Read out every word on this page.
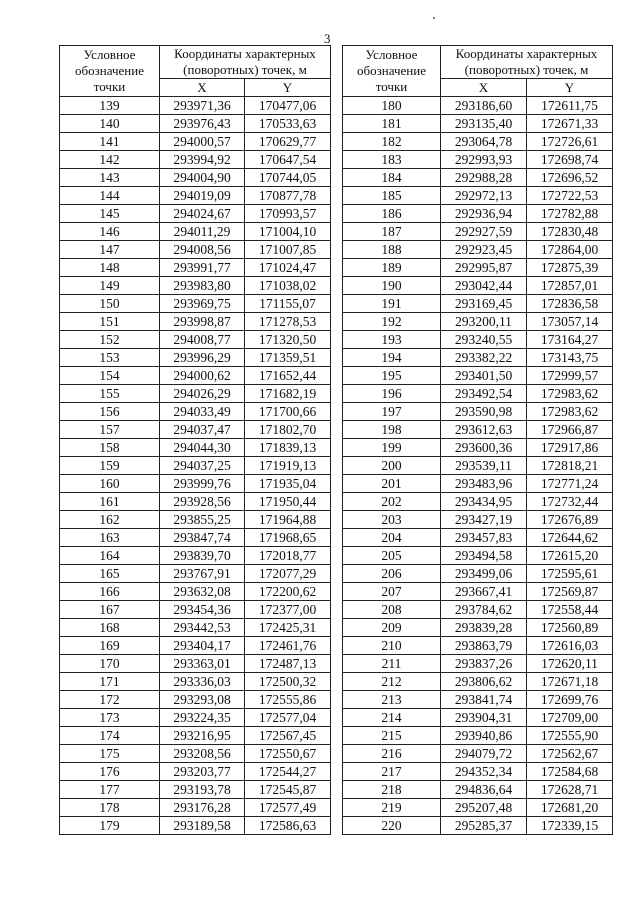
3
Условное обозначение точки	Координаты характерных (поворотных) точек, м	
	X	Y
139	293971,36	170477,06
140	293976,43	170533,63
141	294000,57	170629,77
142	293994,92	170647,54
143	294004,90	170744,05
144	294019,09	170877,78
145	294024,67	170993,57
146	294011,29	171004,10
147	294008,56	171007,85
148	293991,77	171024,47
149	293983,80	171038,02
150	293969,75	171155,07
151	293998,87	171278,53
152	294008,77	171320,50
153	293996,29	171359,51
154	294000,62	171652,44
155	294026,29	171682,19
156	294033,49	171700,66
157	294037,47	171802,70
158	294044,30	171839,13
159	294037,25	171919,13
160	293999,76	171935,04
161	293928,56	171950,44
162	293855,25	171964,88
163	293847,74	171968,65
164	293839,70	172018,77
165	293767,91	172077,29
166	293632,08	172200,62
167	293454,36	172377,00
168	293442,53	172425,31
169	293404,17	172461,76
170	293363,01	172487,13
171	293336,03	172500,32
172	293293,08	172555,86
173	293224,35	172577,04
174	293216,95	172567,45
175	293208,56	172550,67
176	293203,77	172544,27
177	293193,78	172545,87
178	293176,28	172577,49
179	293189,58	172586,63
Условное обозначение точки	Координаты характерных (поворотных) точек, м	
	X	Y
180	293186,60	172611,75
181	293135,40	172671,33
182	293064,78	172726,61
183	292993,93	172698,74
184	292988,28	172696,52
185	292972,13	172722,53
186	292936,94	172782,88
187	292927,59	172830,48
188	292923,45	172864,00
189	292995,87	172875,39
190	293042,44	172857,01
191	293169,45	172836,58
192	293200,11	173057,14
193	293240,55	173164,27
194	293382,22	173143,75
195	293401,50	172999,57
196	293492,54	172983,62
197	293590,98	172983,62
198	293612,63	172966,87
199	293600,36	172917,86
200	293539,11	172818,21
201	293483,96	172771,24
202	293434,95	172732,44
203	293427,19	172676,89
204	293457,83	172644,62
205	293494,58	172615,20
206	293499,06	172595,61
207	293667,41	172569,87
208	293784,62	172558,44
209	293839,28	172560,89
210	293863,79	172616,03
211	293837,26	172620,11
212	293806,62	172671,18
213	293841,74	172699,76
214	293904,31	172709,00
215	293940,86	172555,90
216	294079,72	172562,67
217	294352,34	172584,68
218	294836,64	172628,71
219	295207,48	172681,20
220	295285,37	172339,15
